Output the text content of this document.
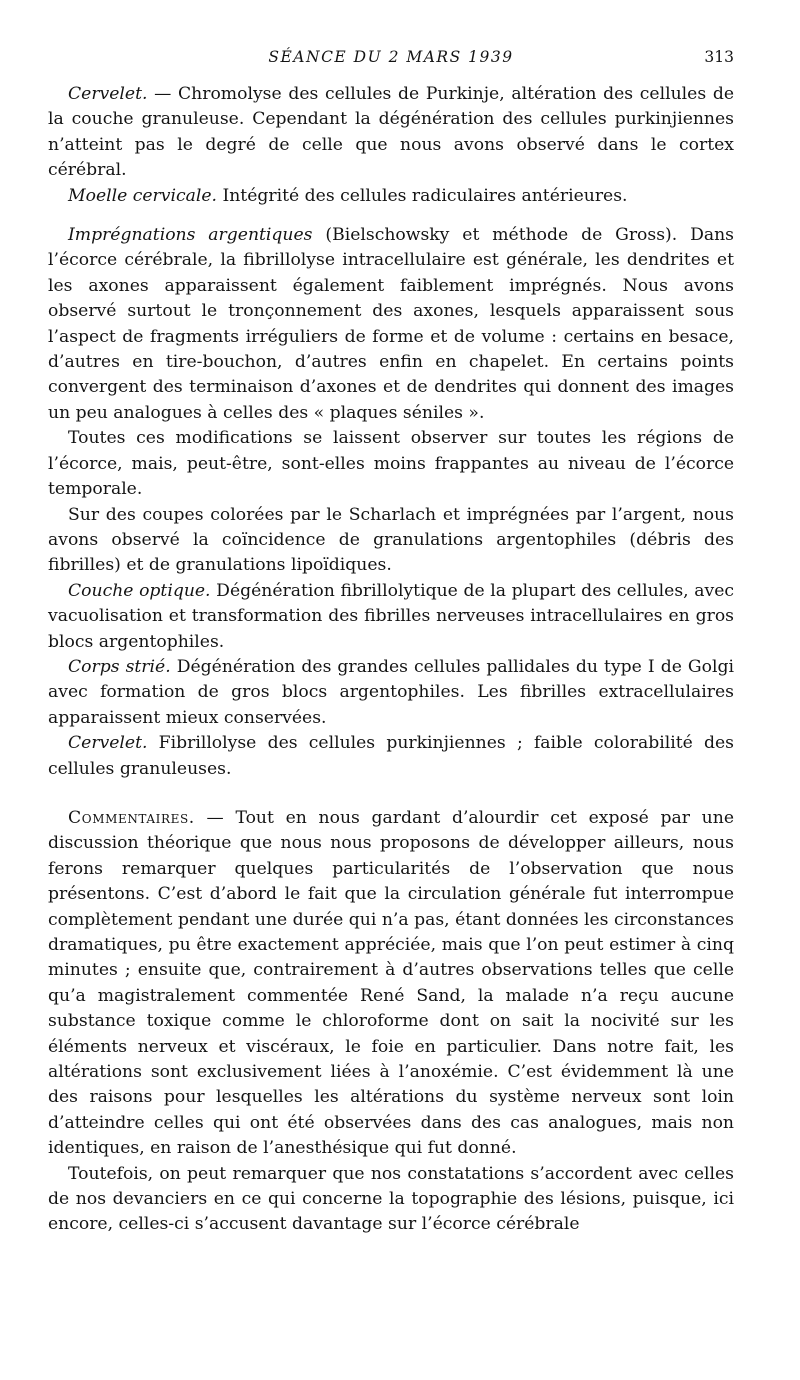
SÉANCE DU 2 MARS 1939	313

Cervelet. — Chromolyse des cellules de Purkinje, altération des cellules de la couche granuleuse. Cependant la dégénération des cellules purkinjiennes n’atteint pas le degré de celle que nous avons observé dans le cortex cérébral.

Moelle cervicale. Intégrité des cellules radiculaires antérieures.

Imprégnations argentiques (Bielschowsky et méthode de Gross). Dans l’écorce cérébrale, la fibrillolyse intracellulaire est générale, les dendrites et les axones apparaissent également faiblement imprégnés. Nous avons observé surtout le tronçonnement des axones, lesquels apparaissent sous l’aspect de fragments irréguliers de forme et de volume : certains en besace, d’autres en tire-bouchon, d’autres enfin en chapelet. En certains points convergent des terminaison d’axones et de dendrites qui donnent des images un peu analogues à celles des « plaques séniles ».

Toutes ces modifications se laissent observer sur toutes les régions de l’écorce, mais, peut-être, sont-elles moins frappantes au niveau de l’écorce temporale.

Sur des coupes colorées par le Scharlach et imprégnées par l’argent, nous avons observé la coïncidence de granulations argentophiles (débris des fibrilles) et de granulations lipoïdiques.

Couche optique. Dégénération fibrillolytique de la plupart des cellules, avec vacuolisation et transformation des fibrilles nerveuses intracellulaires en gros blocs argentophiles.

Corps strié. Dégénération des grandes cellules pallidales du type I de Golgi avec formation de gros blocs argentophiles. Les fibrilles extracellulaires apparaissent mieux conservées.

Cervelet. Fibrillolyse des cellules purkinjiennes ; faible colorabilité des cellules granuleuses.

Commentaires. — Tout en nous gardant d’alourdir cet exposé par une discussion théorique que nous nous proposons de développer ailleurs, nous ferons remarquer quelques particularités de l’observation que nous présentons. C’est d’abord le fait que la circulation générale fut interrompue complètement pendant une durée qui n’a pas, étant données les circonstances dramatiques, pu être exactement appréciée, mais que l’on peut estimer à cinq minutes ; ensuite que, contrairement à d’autres observations telles que celle qu’a magistralement commentée René Sand, la malade n’a reçu aucune substance toxique comme le chloroforme dont on sait la nocivité sur les éléments nerveux et viscéraux, le foie en particulier. Dans notre fait, les altérations sont exclusivement liées à l’anoxémie. C’est évidemment là une des raisons pour lesquelles les altérations du système nerveux sont loin d’atteindre celles qui ont été observées dans des cas analogues, mais non identiques, en raison de l’anesthésique qui fut donné.

Toutefois, on peut remarquer que nos constatations s’accordent avec celles de nos devanciers en ce qui concerne la topographie des lésions, puisque, ici encore, celles-ci s’accusent davantage sur l’écorce cérébrale
